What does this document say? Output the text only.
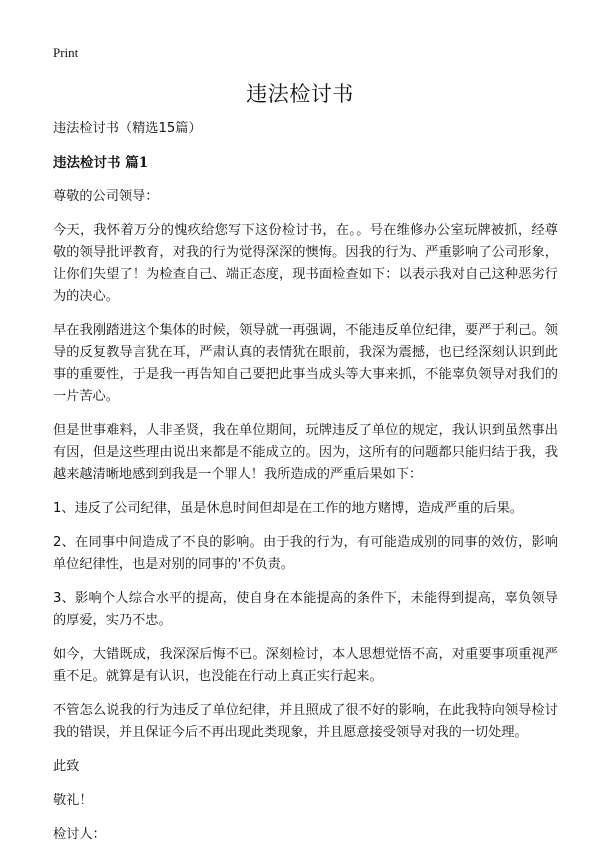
Print
违法检讨书

违法检讨书（精选15篇）

违法检讨书 篇1

尊敬的公司领导：

今天，我怀着万分的愧疚给您写下这份检讨书，在。。号在维修办公室玩牌被抓，经尊敬的领导批评教育，对我的行为觉得深深的懊悔。因我的行为、严重影响了公司形象，让你们失望了！为检查自己、端正态度，现书面检查如下：以表示我对自己这种恶劣行为的决心。

早在我刚踏进这个集体的时候，领导就一再强调，不能违反单位纪律，要严于利己。领导的反复教导言犹在耳，严肃认真的表情犹在眼前，我深为震撼，也已经深刻认识到此事的重要性，于是我一再告知自己要把此事当成头等大事来抓，不能辜负领导对我们的一片苦心。

但是世事难料，人非圣贤，我在单位期间，玩牌违反了单位的规定，我认识到虽然事出有因，但是这些理由说出来都是不能成立的。因为，这所有的问题都只能归结于我，我越来越清晰地感到到我是一个罪人！我所造成的严重后果如下：

1、违反了公司纪律，虽是休息时间但却是在工作的地方赌博，造成严重的后果。

2、在同事中间造成了不良的影响。由于我的行为，有可能造成别的同事的效仿，影响单位纪律性，也是对别的同事的'不负责。

3、影响个人综合水平的提高，使自身在本能提高的条件下，未能得到提高，辜负领导的厚爱，实乃不忠。

如今，大错既成，我深深后悔不已。深刻检讨，本人思想觉悟不高，对重要事项重视严重不足。就算是有认识，也没能在行动上真正实行起来。

不管怎么说我的行为违反了单位纪律，并且照成了很不好的影响，在此我特向领导检讨我的错误，并且保证今后不再出现此类现象，并且愿意接受领导对我的一切处理。

此致

敬礼！

检讨人：
